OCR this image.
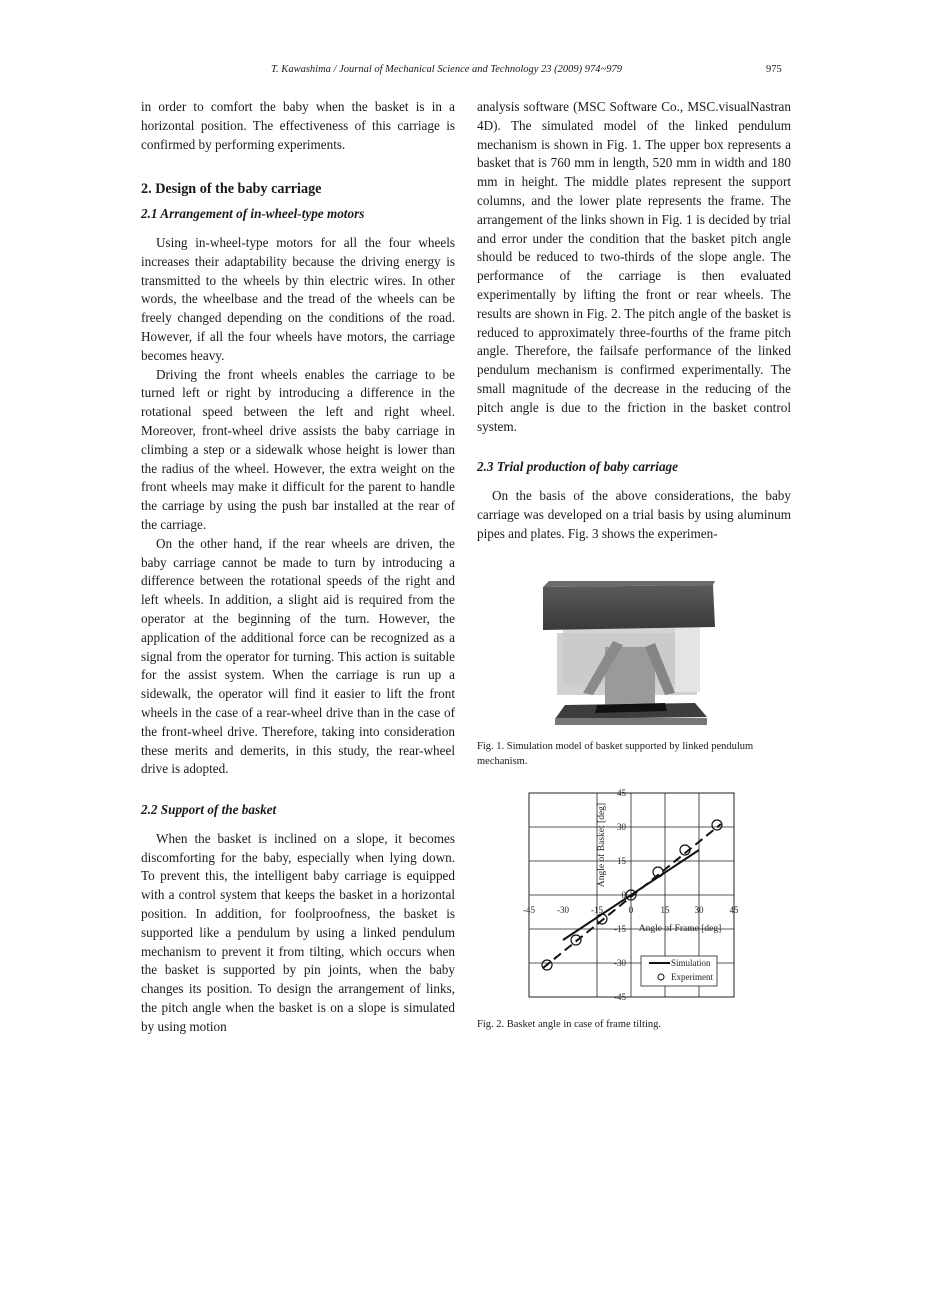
T. Kawashima / Journal of Mechanical Science and Technology 23 (2009) 974~979	975

in order to comfort the baby when the basket is in a horizontal position. The effectiveness of this carriage is confirmed by performing experiments.

2. Design of the baby carriage
2.1 Arrangement of in-wheel-type motors

Using in-wheel-type motors for all the four wheels increases their adaptability because the driving energy is transmitted to the wheels by thin electric wires. In other words, the wheelbase and the tread of the wheels can be freely changed depending on the conditions of the road. However, if all the four wheels have motors, the carriage becomes heavy.

Driving the front wheels enables the carriage to be turned left or right by introducing a difference in the rotational speed between the left and right wheel. Moreover, front-wheel drive assists the baby carriage in climbing a step or a sidewalk whose height is lower than the radius of the wheel. However, the extra weight on the front wheels may make it difficult for the parent to handle the carriage by using the push bar installed at the rear of the carriage.

On the other hand, if the rear wheels are driven, the baby carriage cannot be made to turn by introducing a difference between the rotational speeds of the right and left wheels. In addition, a slight aid is required from the operator at the beginning of the turn. However, the application of the additional force can be recognized as a signal from the operator for turning. This action is suitable for the assist system. When the carriage is run up a sidewalk, the operator will find it easier to lift the front wheels in the case of a rear-wheel drive than in the case of the front-wheel drive. Therefore, taking into consideration these merits and demerits, in this study, the rear-wheel drive is adopted.

2.2 Support of the basket

When the basket is inclined on a slope, it becomes discomforting for the baby, especially when lying down. To prevent this, the intelligent baby carriage is equipped with a control system that keeps the basket in a horizontal position. In addition, for foolproofness, the basket is supported like a pendulum by using a linked pendulum mechanism to prevent it from tilting, which occurs when the basket is supported by pin joints, when the baby changes its position. To design the arrangement of links, the pitch angle when the basket is on a slope is simulated by using motion

analysis software (MSC Software Co., MSC.visualNastran 4D). The simulated model of the linked pendulum mechanism is shown in Fig. 1. The upper box represents a basket that is 760 mm in length, 520 mm in width and 180 mm in height. The middle plates represent the support columns, and the lower plate represents the frame. The arrangement of the links shown in Fig. 1 is decided by trial and error under the condition that the basket pitch angle should be reduced to two-thirds of the slope angle. The performance of the carriage is then evaluated experimentally by lifting the front or rear wheels. The results are shown in Fig. 2. The pitch angle of the basket is reduced to approximately three-fourths of the frame pitch angle. Therefore, the failsafe performance of the linked pendulum mechanism is confirmed experimentally. The small magnitude of the decrease in the reducing of the pitch angle is due to the friction in the basket control system.

2.3 Trial production of baby carriage

On the basis of the above considerations, the baby carriage was developed on a trial basis by using aluminum pipes and plates. Fig. 3 shows the experimen-

Fig. 1. Simulation model of basket supported by linked pendulum mechanism.
-45 -30 -15	0	15	30	45
45
30
15
0
-15
-30
-45
Angle of Frame [deg]
Angle of Basket [deg]
Simulation
Experiment
Fig. 2. Basket angle in case of frame tilting.
